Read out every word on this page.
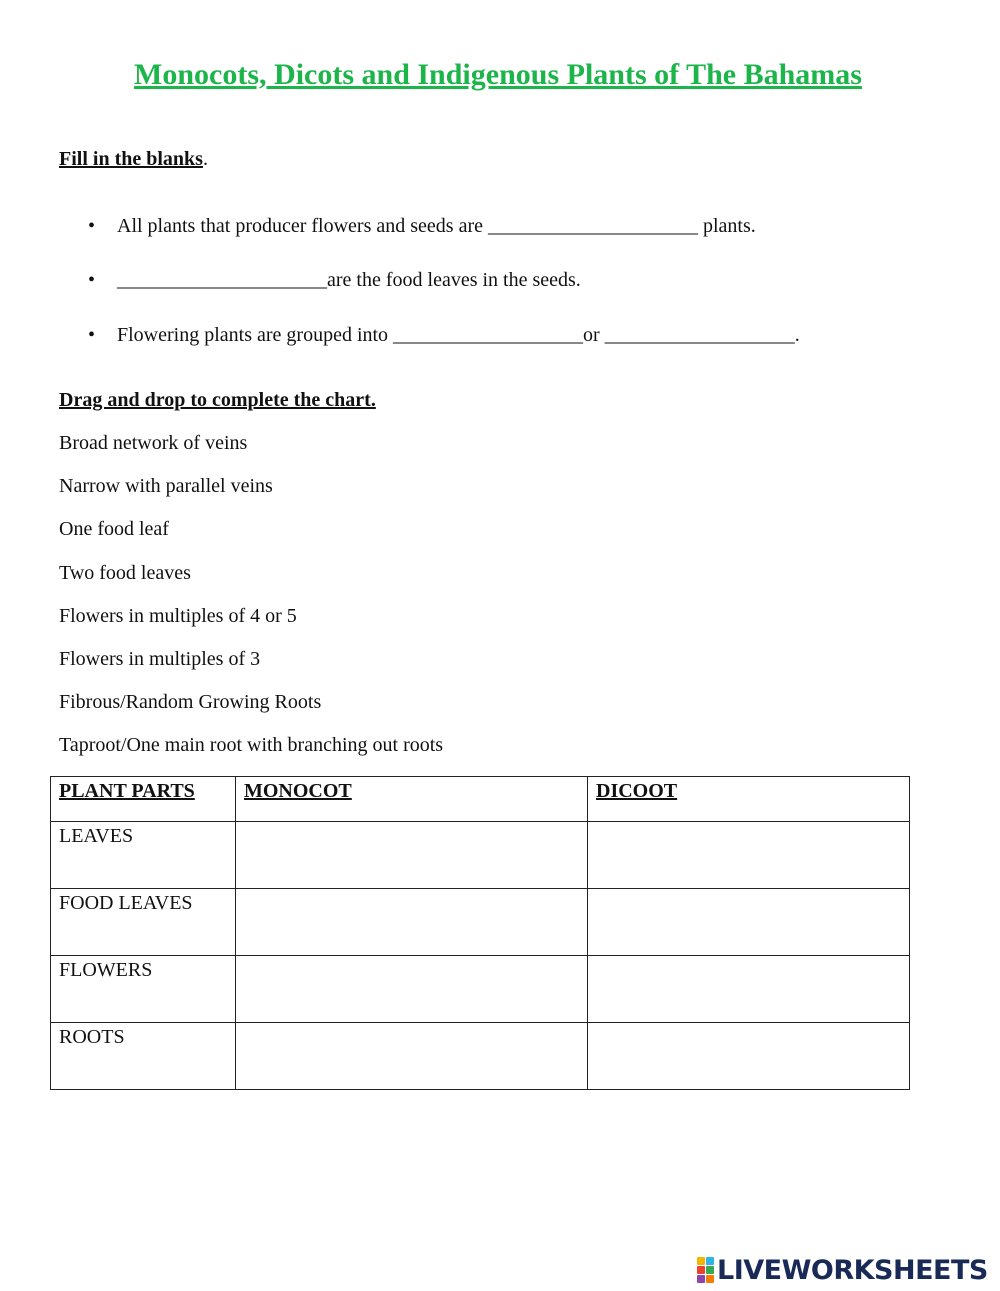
Monocots, Dicots and Indigenous Plants of The Bahamas
Fill in the blanks.
• All plants that producer flowers and seeds are _____________________ plants.
• _____________________are the food leaves in the seeds.
• Flowering plants are grouped into ___________________or ___________________.
Drag and drop to complete the chart.
Broad network of veins
Narrow with parallel veins
One food leaf
Two food leaves
Flowers in multiples of 4 or 5
Flowers in multiples of 3
Fibrous/Random Growing Roots
Taproot/One main root with branching out roots
PLANT PARTS	MONOCOT	DICOOT
LEAVES		
FOOD LEAVES		
FLOWERS		
ROOTS		
LIVEWORKSHEETS
